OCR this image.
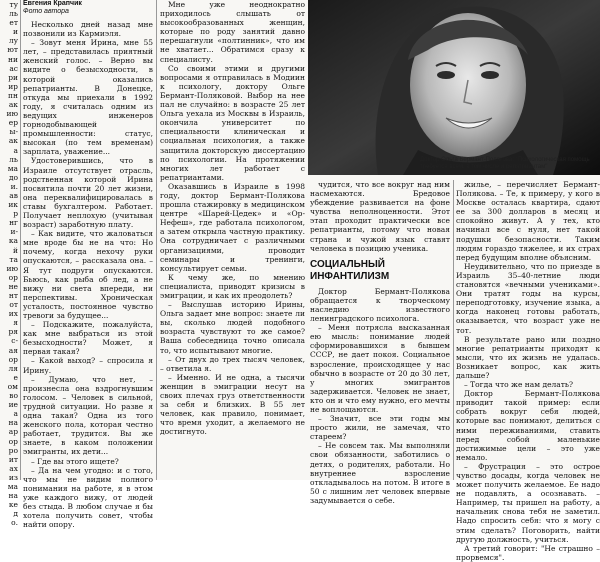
ту
ль
ет
и
лу
ют
ни
ас
ри
ир
пн
ак
ию
ер
ы-
ак
а
ль
ма
до
и.
ав
ик
р
нг
и-
ка
й
та
ию
ор
не
нт
от
их
я
ря
с-
ая
ор
ля
е
ом
во
ие
а
на
ар
ор
ро
ит
ах
из
ма
на
ке
д
о.
Евгения Крапчик
Фото автора

Несколько дней назад мне позвонили из Кармиэля.

– Зовут меня Ирина, мне 55 лет, – представилась приятный женский голос. – Верно вы видите о безысходности, в которой оказались репатрианты. В Донецке, откуда мы приехали в 1992 году, я считалась одним из ведущих инженеров горнодобывающей промышленности: статус, высокая (по тем временам) зарплата, уважение...

Удостоверившись, что в Израиле отсутствует отрасль, родственная которой Ирина посвятила почти 20 лет жизни, она переквалифицировалась в ставы бухгалтером. Работает. Получает неплохую (учитывая возраст) заработную плату.

– Как видите, что жаловаться мне вроде бы не на что: Но почему, когда нехочу руки опускаются, – рассказала она. – Я тут подруги опускаются. Бьюсь, как рыба об лед, а не вижу ни света впереди, ни перспективы. Хроническая усталость, постоянное чувство тревоги за будущее...

– Подскажите, пожалуйста, как мне выбраться из этой безысходности? Может, я первая такая?

– Какой выход? – спросила я Ирину.

– Думаю, что нет, – произнесла она вздрогнувшим голосом. – Человек в сильной, трудной ситуации. Но разве я одна такая? Одна из того женского пола, которая честно работает, трудится. Вы же знаете, в каком положении эмигранты, их дети...

– Где вы этого ищете?

– Да на чем угодно: и с того, что мы не видим полного понимания на работе, я в этом уже каждого вижу, от людей без стыда. В любом случае я бы хотела получить совет, чтобы найти опору.

Мне уже неоднократно приходилось слышать от высокообразованных женщин, которые по роду занятий давно перешагнули «полтинник», что им не хватает... Обратимся сразу к специалисту.

Со своими этими и другими вопросами я отправилась в Модиин к психологу, доктору Ольге Бермант-Поляковой. Выбор на нее пал не случайно: в возрасте 25 лет Ольга уехала из Москвы в Израиль, окончила университет по специальности клиническая и социальная психология, а также защитила докторскую диссертацию по психологии. На протяжении многих лет работает с репатриантами.

Оказавшись в Израиле в 1998 году, доктор Бермант-Полякова прошла стажировку в медицинском центре «Шарей-Цедек» и «Ор-Нефеш», где работала психологом, а затем открыла частную практику. Она сотрудничает с различными организациями, проводит семинары и тренинги, консультирует семьи.

К чему же, по мнению специалиста, приводят кризисы в эмиграции, и как их преодолеть?

– Выслушав историю Ирины, Ольга задает мне вопрос: знаете ли вы, сколько людей подобного возраста чувствуют то же самое? Ваша собеседница точно описала то, что испытывают многие.

– От двух до трех тысяч человек, – ответила я.

– Именно. И не одна, а тысячи женщин в эмиграции несут на своих плечах груз ответственности за себя и близких. В 55 лет человек, как правило, понимает, что время уходит, а желаемого не достигнуто.

Доктор Ольга Бермант-Полякова: "Психологическая помощь требуется всем, в том числе и репатриантам"

чудится, что все вокруг над ним насмехаются. Бредовое убеждение развивается на фоне чувства неполноценности. Этот этап проходит практически все репатрианты, потому что новая страна и чужой язык ставят человека в позицию ученика.

СОЦИАЛЬНЫЙ ИНФАНТИЛИЗМ

Доктор Бермант-Полякова обращается к творческому наследию известного ленинградского психолога.

– Меня потрясла высказанная ею мысль: понимание людей сформировавшихся в бывшем СССР, не дает покоя. Социальное взросление, происходящее у нас обычно в возрасте от 20 до 30 лет, у многих эмигрантов задерживается. Человек не знает, кто он и что ему нужно, его мечты не воплощаются.

– Значит, все эти годы мы просто жили, не замечая, что стареем?

– Не совсем так. Мы выполняли свои обязанности, заботились о детях, о родителях, работали. Но внутреннее взросление откладывалось на потом. В итоге в 50 с лишним лет человек впервые задумывается о себе.

жилье, – перечисляет Бермант-Полякова. – Те, к примеру, у кого в Москве осталась квартира, сдают ее за 300 долларов в месяц и спокойно живут. А у тех, кто начинал все с нуля, нет такой подушки безопасности. Таким людям гораздо тяжелее, и их страх перед будущим вполне объясним.

Неудивительно, что по приезде в Израиль 35–40-летние люди становятся «вечными учениками». Они тратят годы на курсы, переподготовку, изучение языка, а когда наконец готовы работать, оказывается, что возраст уже не тот.

В результате рано или поздно многие репатрианты приходят к мысли, что их жизнь не удалась. Возникает вопрос, как жить дальше?

– Тогда что же нам делать?

Доктор Бермант-Полякова приводит такой пример: если собрать вокруг себя людей, которые вас понимают, делиться с ними переживаниями, ставить перед собой маленькие достижимые цели – это уже немало.

– Фрустрация – это острое чувство досады, когда человек не может получить желаемое. Ее надо не подавлять, а осознавать. – Например, ты пришел на работу, а начальник снова тебя не заметил. Надо спросить себя: что я могу с этим сделать? Поговорить, найти другую должность, учиться.

А третий говорит: "Не страшно – прорвемся".
